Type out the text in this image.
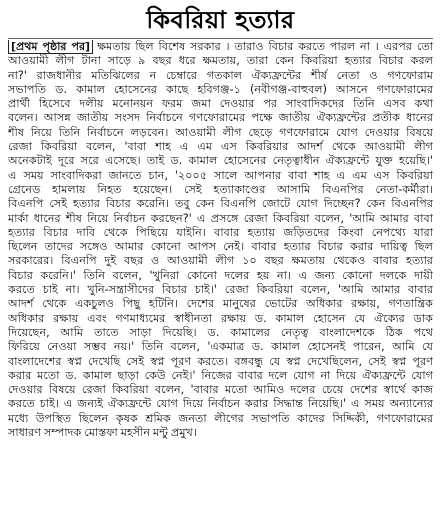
কিবরিয়া হত্যার
[প্রথম পৃষ্ঠার পর] ক্ষমতায় ছিল বিশেষ সরকার । তারাও বিচার করতে পারল না । এরপর তো
আওয়ামী লীগ টানা সাড়ে ৯ বছর ধরে ক্ষমতায়, তারা কেন কিবরিয়া হত্যার বিচার করল
না?' রাজধানীর মতিঝিলের ন চেম্বারে গতকাল ঐক্যফ্রন্টের শীর্ষ নেতা ও গণফোরাম
সভাপতি ড. কামাল হোসেনের কাছে হবিগঞ্জ-১ (নবীগঞ্জ-বাহুবল) আসনে গণফোরামের
প্রার্থী হিসেবে দলীয় মনোনয়ন ফরম জমা দেওয়ার পর সাংবাদিকদের তিনি এসব কথা
বলেন। আসন্ন জাতীয় সংসদ নির্বাচনে গণফোরামের পক্ষে জাতীয় ঐক্যফ্রন্টের প্রতীক ধানের
শীষ নিয়ে তিনি নির্বাচনে লড়বেন। আওয়ামী লীগ ছেড়ে গণফোরামে যোগ দেওয়ার বিষয়ে
রেজা কিবরিয়া বলেন, 'বাবা শাহ এ এম এস কিবরিয়ার আদর্শ থেকে আওয়ামী লীগ
অনেকটাই দূরে সরে এসেছে। তাই ড. কামাল হোসেনের নেতৃত্বাধীন ঐক্যফ্রন্টে যুক্ত হয়েছি।'
এ সময় সাংবাদিকরা জানতে চান, '২০০৫ সালে আপনার বাবা শাহ এ এম এস কিবরিয়া
গ্রেনেড হামলায় নিহত হয়েছেন। সেই হত্যাকাণ্ডের আসামি বিএনপির নেতা-কর্মীরা।
বিএনপি সেই হত্যার বিচার করেনি। তবু কেন বিএনপি জোটে যোগ দিচ্ছেন? কেন বিএনপির
মার্কা ধানের শীষ নিয়ে নির্বাচন করছেন?' এ প্রসঙ্গে রেজা কিবরিয়া বলেন, 'আমি আমার বাবা
হত্যার বিচার দাবি থেকে পিছিয়ে যাইনি। বাবার হত্যায় জড়িতদের কিংবা নেপথ্যে যারা
ছিলেন তাদের সঙ্গেও আমার কোনো আপস নেই। বাবার হত্যার বিচার করার দায়িত্ব ছিল
সরকারের। বিএনপি দুই বছর ও আওয়ামী লীগ ১০ বছর ক্ষমতায় থেকেও বাবার হত্যার
বিচার করেনি।' তিনি বলেন, 'খুনিরা কোনো দলের হয় না। এ জন্য কোনো দলকে দায়ী
করতে চাই না। খুনি-সন্ত্রাসীদের বিচার চাই।' রেজা কিবরিয়া বলেন, 'আমি আমার বাবার
আদর্শ থেকে একচুলও পিছু হটিনি। দেশের মানুষের ভোটের অধিকার রক্ষায়, গণতান্ত্রিক
অধিকার রক্ষায় এবং গণমাধ্যমের স্বাধীনতা রক্ষায় ড. কামাল হোসেন যে ঐক্যের ডাক
দিয়েছেন, আমি তাতে সাড়া দিয়েছি। ড. কামালের নেতৃত্ব বাংলাদেশকে ঠিক পথে
ফিরিয়ে নেওয়া সম্ভব নয়।' তিনি বলেন, 'একমাত্র ড. কামাল হোসেনই পারেন, আমি যে
বাংলাদেশের স্বপ্ন দেখেছি সেই স্বপ্ন পূরণ করতে। বঙ্গবন্ধু যে স্বপ্ন দেখেছিলেন, সেই স্বপ্ন পূরণ
করার মতো ড. কামাল ছাড়া কেউ নেই।' নিজের বাবার দলে যোগ না দিয়ে ঐক্যফ্রন্টে যোগ
দেওয়ার বিষয়ে রেজা কিবরিয়া বলেন, 'বাবার মতো আমিও দলের চেয়ে দেশের স্বার্থে কাজ
করতে চাই। এ জন্যই ঐক্যফ্রন্টে যোগ দিয়ে নির্বাচন করার সিদ্ধান্ত নিয়েছি।' এ সময় অন্যান্যের
মধ্যে উপস্থিত ছিলেন কৃষক শ্রমিক জনতা লীগের সভাপতি কাদের সিদ্দিকী, গণফোরামের
সাধারণ সম্পাদক মোস্তফা মহসীন মন্টু প্রমুখ।
